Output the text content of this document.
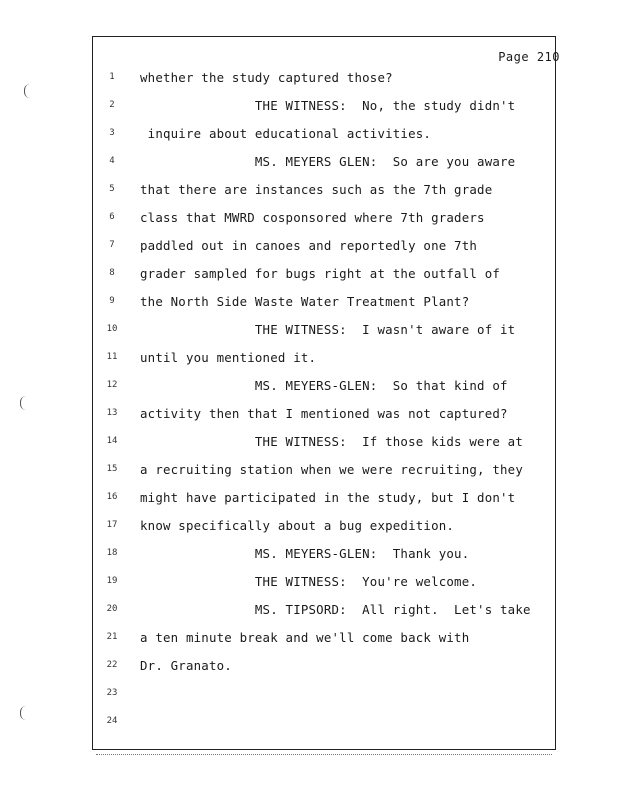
Page 210
1	whether the study captured those?
2	THE WITNESS:  No, the study didn't
3	inquire about educational activities.
4	MS. MEYERS GLEN:  So are you aware
5	that there are instances such as the 7th grade
6	class that MWRD cosponsored where 7th graders
7	paddled out in canoes and reportedly one 7th
8	grader sampled for bugs right at the outfall of
9	the North Side Waste Water Treatment Plant?
10	THE WITNESS:  I wasn't aware of it
11	until you mentioned it.
12	MS. MEYERS-GLEN:  So that kind of
13	activity then that I mentioned was not captured?
14	THE WITNESS:  If those kids were at
15	a recruiting station when we were recruiting, they
16	might have participated in the study, but I don't
17	know specifically about a bug expedition.
18	MS. MEYERS-GLEN:  Thank you.
19	THE WITNESS:  You're welcome.
20	MS. TIPSORD:  All right.  Let's take
21	a ten minute break and we'll come back with
22	Dr. Granato.
23
24
